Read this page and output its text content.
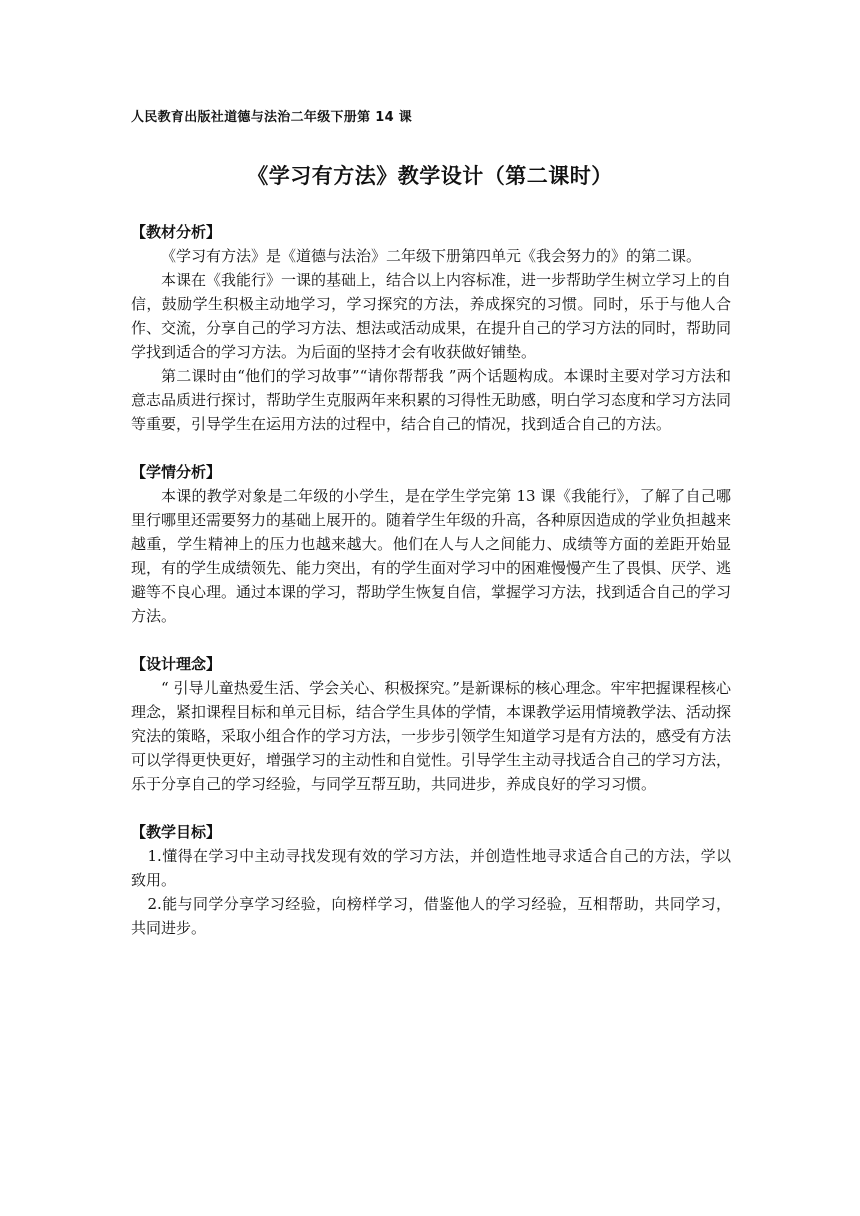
人民教育出版社道德与法治二年级下册第 14 课
《学习有方法》教学设计（第二课时）

【教材分析】

《学习有方法》是《道德与法治》二年级下册第四单元《我会努力的》的第二课。

本课在《我能行》一课的基础上，结合以上内容标准，进一步帮助学生树立学习上的自信，鼓励学生积极主动地学习，学习探究的方法，养成探究的习惯。同时，乐于与他人合作、交流，分享自己的学习方法、想法或活动成果，在提升自己的学习方法的同时，帮助同学找到适合的学习方法。为后面的坚持才会有收获做好铺垫。

第二课时由“他们的学习故事”“请你帮帮我 ”两个话题构成。本课时主要对学习方法和意志品质进行探讨，帮助学生克服两年来积累的习得性无助感，明白学习态度和学习方法同等重要，引导学生在运用方法的过程中，结合自己的情况，找到适合自己的方法。

【学情分析】

本课的教学对象是二年级的小学生，是在学生学完第 13 课《我能行》，了解了自己哪里行哪里还需要努力的基础上展开的。随着学生年级的升高，各种原因造成的学业负担越来越重，学生精神上的压力也越来越大。他们在人与人之间能力、成绩等方面的差距开始显现，有的学生成绩领先、能力突出，有的学生面对学习中的困难慢慢产生了畏惧、厌学、逃避等不良心理。通过本课的学习，帮助学生恢复自信，掌握学习方法，找到适合自己的学习方法。

【设计理念】

“ 引导儿童热爱生活、学会关心、积极探究。”是新课标的核心理念。牢牢把握课程核心理念，紧扣课程目标和单元目标，结合学生具体的学情，本课教学运用情境教学法、活动探究法的策略，采取小组合作的学习方法，一步步引领学生知道学习是有方法的，感受有方法可以学得更快更好，增强学习的主动性和自觉性。引导学生主动寻找适合自己的学习方法，乐于分享自己的学习经验，与同学互帮互助，共同进步，养成良好的学习习惯。

【教学目标】

1.懂得在学习中主动寻找发现有效的学习方法，并创造性地寻求适合自己的方法，学以致用。

2.能与同学分享学习经验，向榜样学习，借鉴他人的学习经验，互相帮助，共同学习，共同进步。
